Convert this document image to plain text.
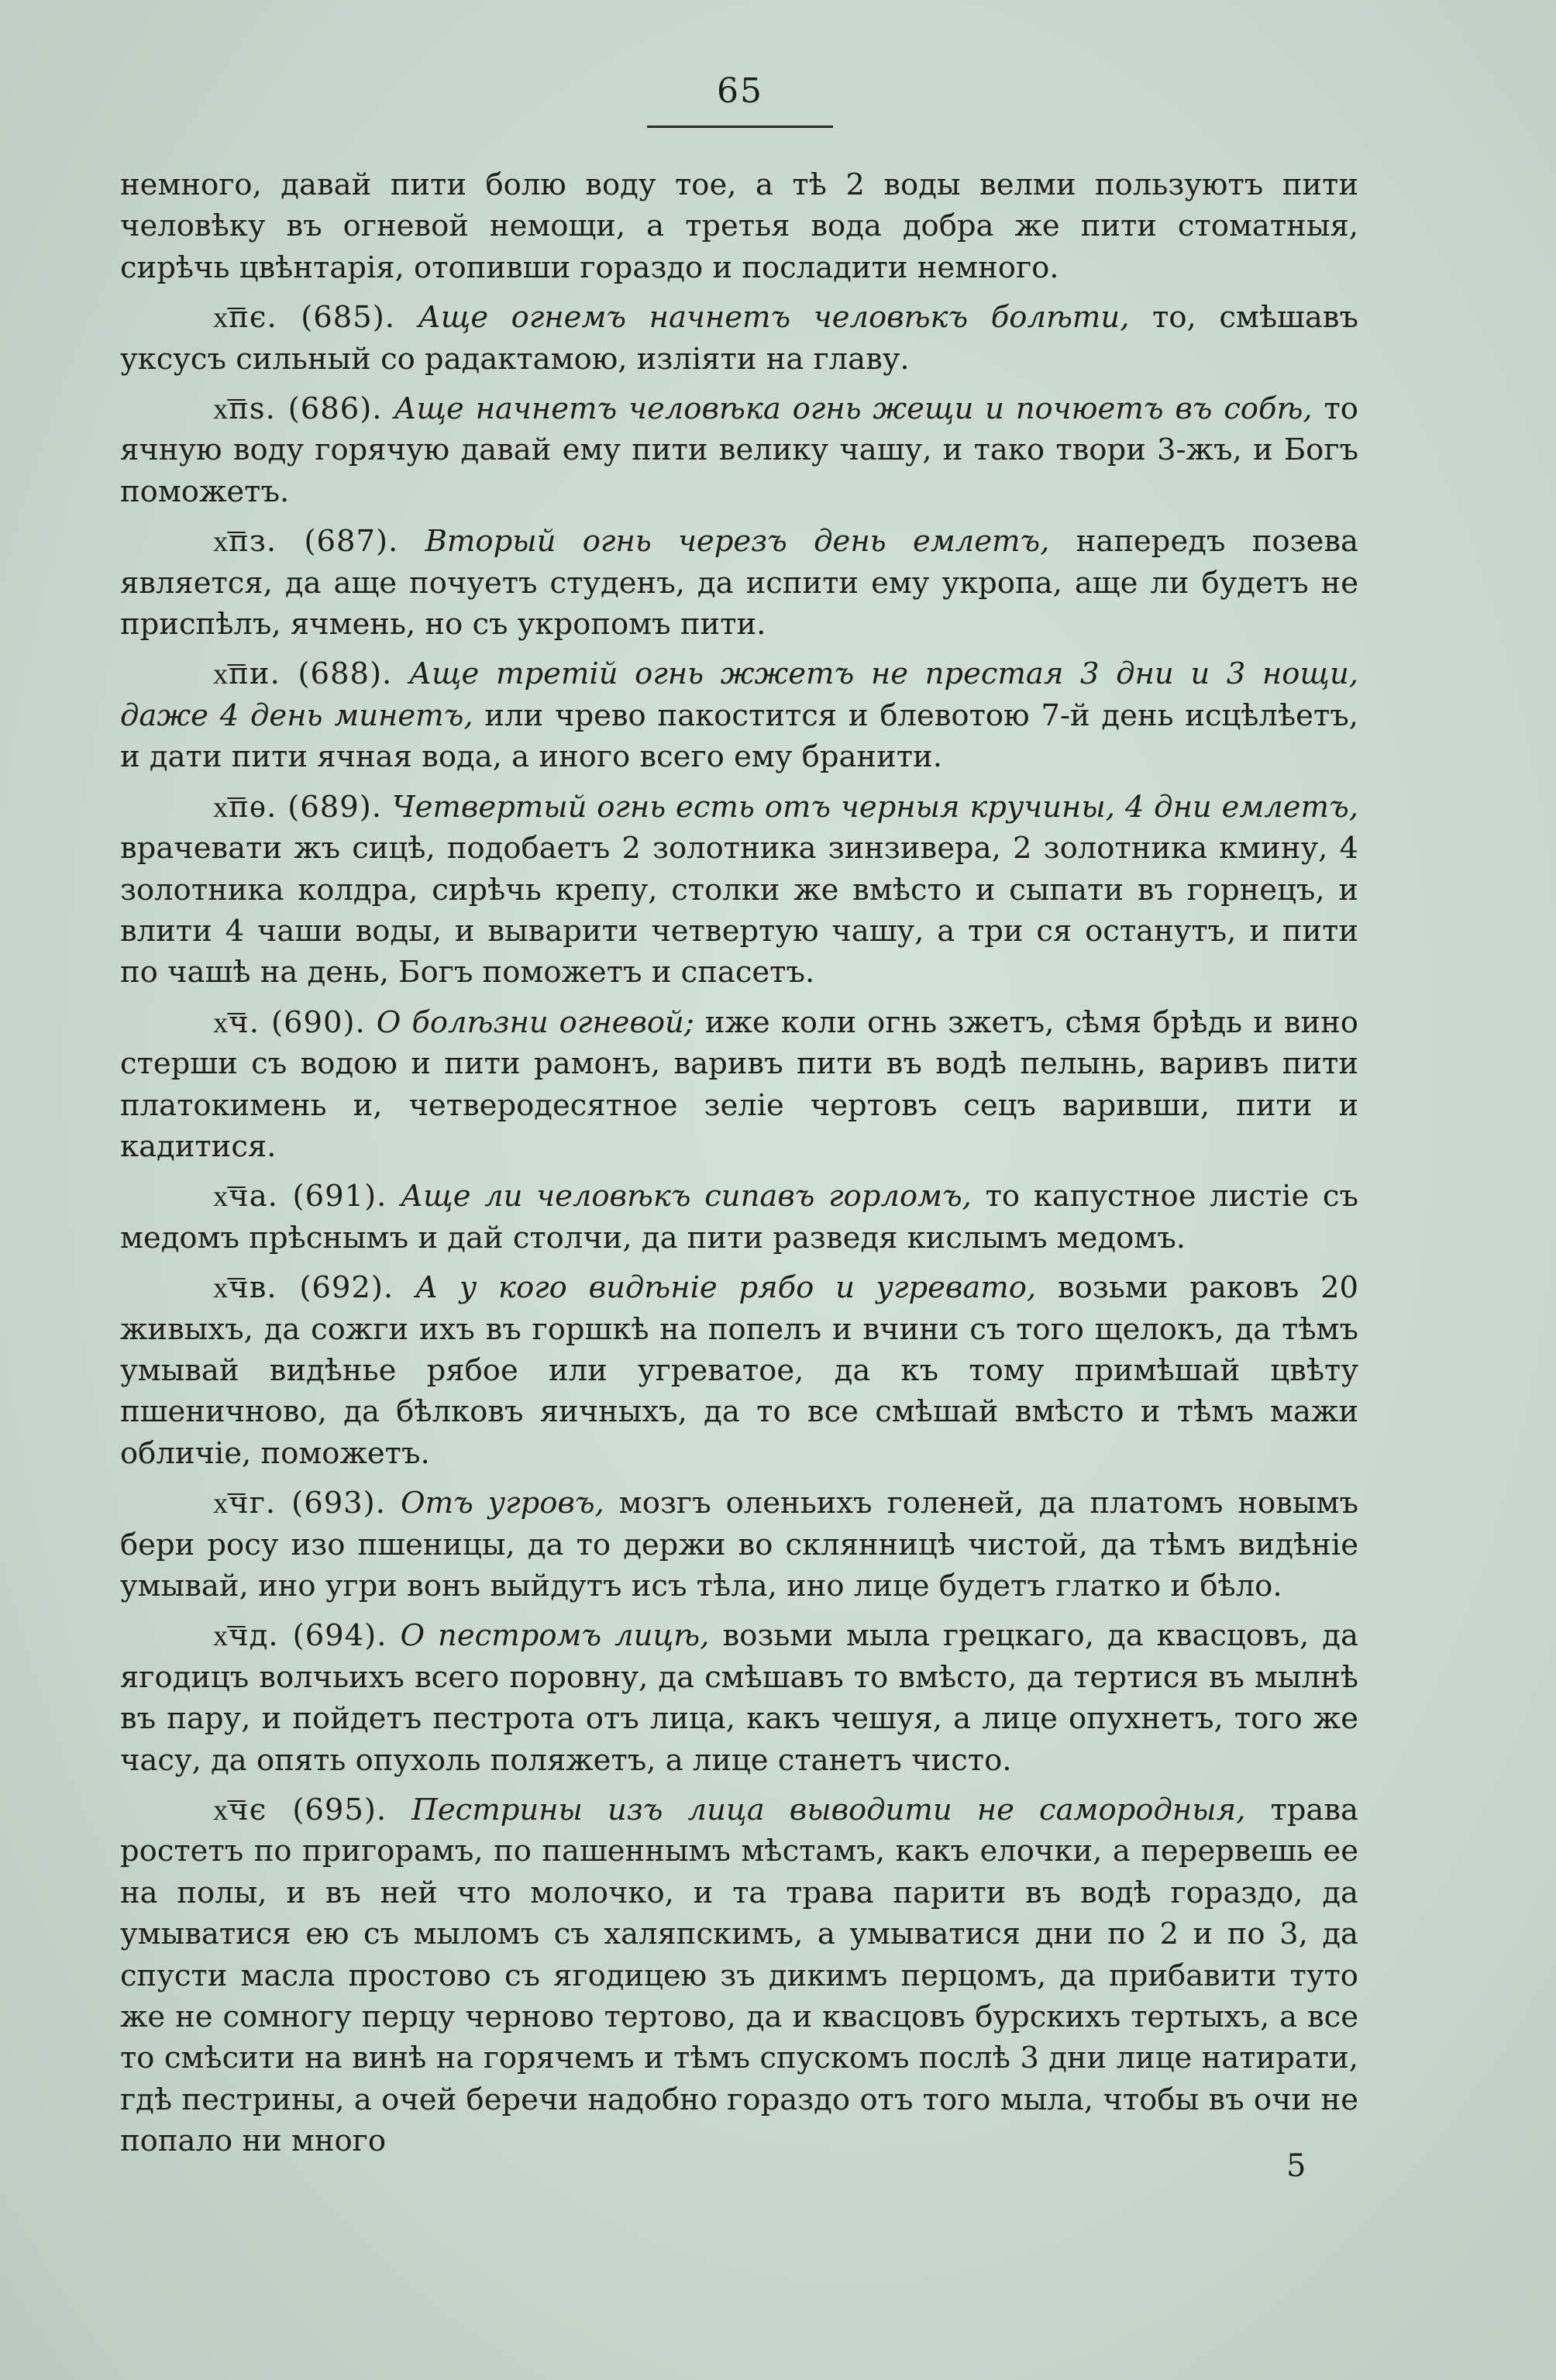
65

немного, давай пити болю воду тое, а тѣ 2 воды велми пользуютъ пити человѣку въ огневой немощи, а третья вода добра же пити стоматныя, сирѣчь цвѣнтарія, отопивши гораздо и посладити немного.

х͞пє. (685). Аще огнемъ начнетъ человѣкъ болѣти, то, смѣшавъ уксусъ сильный со радактамою, изліяти на главу.

х͞пѕ. (686). Аще начнетъ человѣка огнь жещи и почюетъ въ собѣ, то ячную воду горячую давай ему пити велику чашу, и тако твори 3-жъ, и Богъ поможетъ.

х͞пз. (687). Вторый огнь черезъ день емлетъ, напередъ позева является, да аще почуетъ студенъ, да испити ему укропа, аще ли будетъ не приспѣлъ, ячмень, но съ укропомъ пити.

х͞пи. (688). Аще третій огнь жжетъ не престая 3 дни и 3 нощи, даже 4 день минетъ, или чрево пакостится и блевотою 7-й день исцѣлѣетъ, и дати пити ячная вода, а иного всего ему бранити.

х͞пѳ. (689). Четвертый огнь есть отъ черныя кручины, 4 дни емлетъ, врачевати жъ сицѣ, подобаетъ 2 золотника зинзивера, 2 золотника кмину, 4 золотника колдра, сирѣчь крепу, столки же вмѣсто и сыпати въ горнецъ, и влити 4 чаши воды, и выварити четвертую чашу, а три ся останутъ, и пити по чашѣ на день, Богъ поможетъ и спасетъ.

х͞ч. (690). О болѣзни огневой; иже коли огнь зжетъ, сѣмя брѣдь и вино стерши съ водою и пити рамонъ, варивъ пити въ водѣ пелынь, варивъ пити платокимень и, четверодесятное зеліе чертовъ сецъ варивши, пити и кадитися.

х͞ча. (691). Аще ли человѣкъ сипавъ горломъ, то капустное листіе съ медомъ прѣснымъ и дай столчи, да пити разведя кислымъ медомъ.

х͞чв. (692). А у кого видѣніе рябо и угревато, возьми раковъ 20 живыхъ, да сожги ихъ въ горшкѣ на попелъ и вчини съ того щелокъ, да тѣмъ умывай видѣнье рябое или угреватое, да къ тому примѣшай цвѣту пшеничново, да бѣлковъ яичныхъ, да то все смѣшай вмѣсто и тѣмъ мажи обличіе, поможетъ.

х͞чг. (693). Отъ угровъ, мозгъ оленьихъ голеней, да платомъ новымъ бери росу изо пшеницы, да то держи во склянницѣ чистой, да тѣмъ видѣніе умывай, ино угри вонъ выйдутъ исъ тѣла, ино лице будетъ глатко и бѣло.

х͞чд. (694). О пестромъ лицѣ, возьми мыла грецкаго, да квасцовъ, да ягодицъ волчьихъ всего поровну, да смѣшавъ то вмѣсто, да тертися въ мылнѣ въ пару, и пойдетъ пестрота отъ лица, какъ чешуя, а лице опухнетъ, того же часу, да опять опухоль поляжетъ, а лице станетъ чисто.

х͞чє (695). Пестрины изъ лица выводити не самородныя, трава ростетъ по пригорамъ, по пашеннымъ мѣстамъ, какъ елочки, а перервешь ее на полы, и въ ней что молочко, и та трава парити въ водѣ гораздо, да умыватися ею съ мыломъ съ халяпскимъ, а умыватися дни по 2 и по 3, да спусти масла простово съ ягодицею зъ дикимъ перцомъ, да прибавити туто же не сомногу перцу черново тертово, да и квасцовъ бурскихъ тертыхъ, а все то смѣсити на винѣ на горячемъ и тѣмъ спускомъ послѣ 3 дни лице натирати, гдѣ пестрины, а очей беречи надобно гораздо отъ того мыла, чтобы въ очи не попало ни много

5
